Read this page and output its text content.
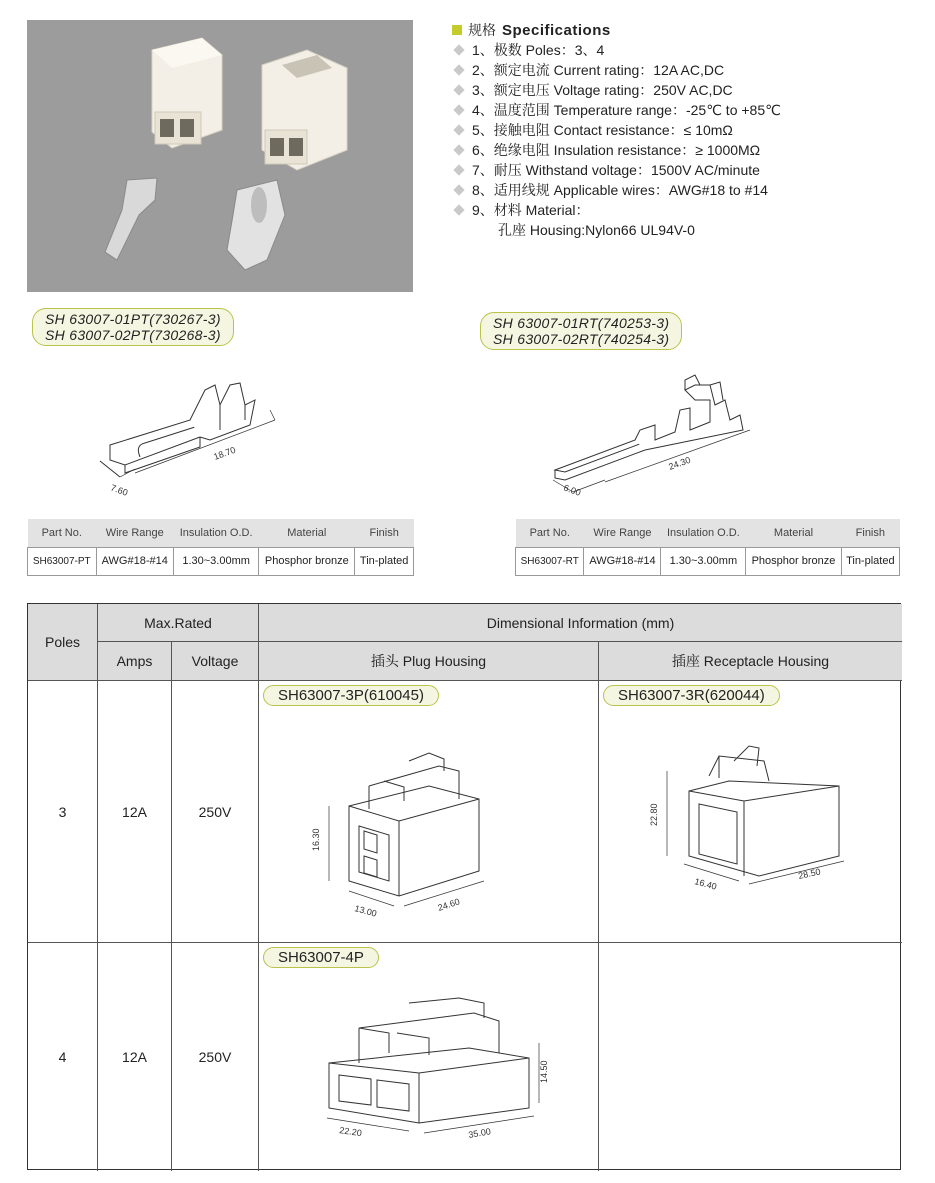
规格 Specifications
1、极数 Poles：3、4
2、额定电流 Current rating：12A AC,DC
3、额定电压 Voltage rating：250V AC,DC
4、温度范围 Temperature range：-25℃ to +85℃
5、接触电阻 Contact resistance：≤ 10mΩ
6、绝缘电阻 Insulation resistance：≥ 1000MΩ
7、耐压 Withstand voltage：1500V AC/minute
8、适用线规 Applicable wires：AWG#18 to #14
9、材料 Material：
孔座 Housing:Nylon66 UL94V-0
SH 63007-01PT(730267-3)
SH 63007-02PT(730268-3)
7.60
18.70
Part No.	Wire Range	Insulation O.D.	Material	Finish
SH63007-PT	AWG#18-#14	1.30~3.00mm	Phosphor bronze	Tin-plated
SH 63007-01RT(740253-3)
SH 63007-02RT(740254-3)
6.00
24.30
Part No.	Wire Range	Insulation O.D.	Material	Finish
SH63007-RT	AWG#18-#14	1.30~3.00mm	Phosphor bronze	Tin-plated
Poles
Max.Rated	Dimensional Information (mm)
Amps	Voltage	插头 Plug Housing	插座 Receptacle Housing
3	12A	250V
SH63007-3P(610045)
16.30
13.00	24.60
SH63007-3R(620044)
22.80
16.40
28.50
4	12A	250V
SH63007-4P
14.50
22.20	35.00
